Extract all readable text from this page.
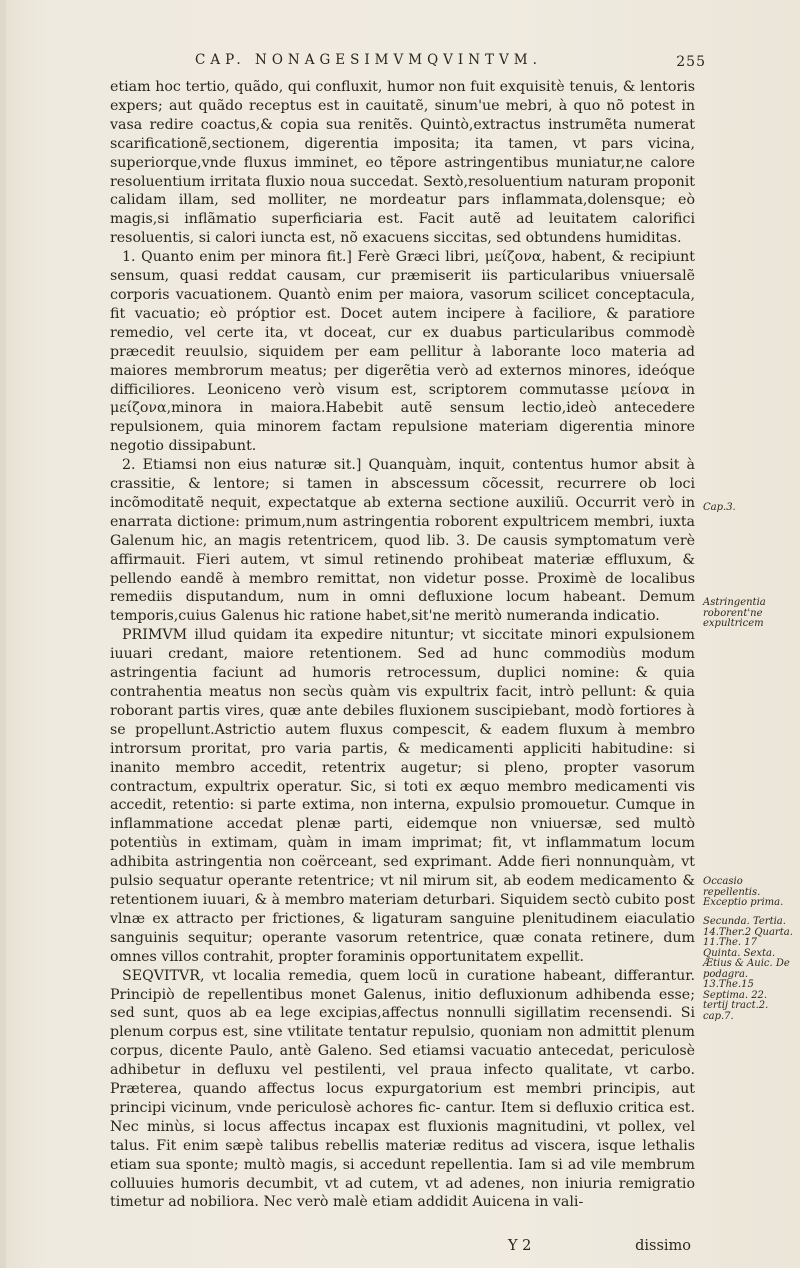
CAP. NONAGESIMVMQVINTVM.	255

etiam hoc tertio, quãdo, qui confluxit, humor non fuit exquisitè tenuis, & lentoris expers; aut quãdo receptus est in cauitatẽ, sinum'ue mebri, à quo nõ potest in vasa redire coactus,& copia sua renitẽs. Quintò,extractus instrumẽta numerat scarificationẽ,sectionem, digerentia imposita; ita tamen, vt pars vicina, superiorque,vnde fluxus imminet, eo tẽpore astringentibus muniatur,ne calore resoluentium irritata fluxio noua succedat. Sextò,resoluentium naturam proponit calidam illam, sed molliter, ne mordeatur pars inflammata,dolensque; eò magis,si inflãmatio superficiaria est. Facit autẽ ad leuitatem calorifici resoluentis, si calori iuncta est, nõ exacuens siccitas, sed obtundens humiditas.

1. Quanto enim per minora fit.] Ferè Græci libri, μείζονα, habent, & recipiunt sensum, quasi reddat causam, cur præmiserit iis particularibus vniuersalẽ corporis vacuationem. Quantò enim per maiora, vasorum scilicet conceptacula, fit vacuatio; eò próptior est. Docet autem incipere à faciliore, & paratiore remedio, vel certe ita, vt doceat, cur ex duabus particularibus commodè præcedit reuulsio, siquidem per eam pellitur à laborante loco materia ad maiores membrorum meatus; per digerẽtia verò ad externos minores, ideóque difficiliores. Leoniceno verò visum est, scriptorem commutasse μείονα in μείζονα,minora in maiora.Habebit autẽ sensum lectio,ideò antecedere repulsionem, quia minorem factam repulsione materiam digerentia minore negotio dissipabunt.

2. Etiamsi non eius naturæ sit.] Quanquàm, inquit, contentus humor absit à crassitie, & lentore; si tamen in abscessum cõcessit, recurrere ob loci incõmoditatẽ nequit, expectatque ab externa sectione auxiliũ. Occurrit verò in enarrata dictione: primum,num astringentia roborent expultricem membri, iuxta Galenum hic, an magis retentricem, quod lib. 3. De causis symptomatum verè affirmauit. Fieri autem, vt simul retinendo prohibeat materiæ effluxum, & pellendo eandẽ à membro remittat, non videtur posse. Proximè de localibus remediis disputandum, num in omni defluxione locum habeant. Demum temporis,cuius Galenus hic ratione habet,sit'ne meritò numeranda indicatio.

PRIMVM illud quidam ita expedire nituntur; vt siccitate minori expulsionem iuuari credant, maiore retentionem. Sed ad hunc commodiùs modum astringentia faciunt ad humoris retrocessum, duplici nomine: & quia contrahentia meatus non secùs quàm vis expultrix facit, intrò pellunt: & quia roborant partis vires, quæ ante debiles fluxionem suscipiebant, modò fortiores à se propellunt.Astrictio autem fluxus compescit, & eadem fluxum à membro introrsum proritat, pro varia partis, & medicamenti appliciti habitudine: si inanito membro accedit, retentrix augetur; si pleno, propter vasorum contractum, expultrix operatur. Sic, si toti ex æquo membro medicamenti vis accedit, retentio: si parte extima, non interna, expulsio promouetur. Cumque in inflammatione accedat plenæ parti, eidemque non vniuersæ, sed multò potentiùs in extimam, quàm in imam imprimat; fit, vt inflammatum locum adhibita astringentia non coërceant, sed exprimant. Adde fieri nonnunquàm, vt pulsio sequatur operante retentrice; vt nil mirum sit, ab eodem medicamento & retentionem iuuari, & à membro materiam deturbari. Siquidem sectò cubito post vlnæ ex attracto per frictiones, & ligaturam sanguine plenitudinem eiaculatio sanguinis sequitur; operante vasorum retentrice, quæ conata retinere, dum omnes villos contrahit, propter foraminis opportunitatem expellit.

SEQVITVR, vt localia remedia, quem locũ in curatione habeant, differantur. Principiò de repellentibus monet Galenus, initio defluxionum adhibenda esse; sed sunt, quos ab ea lege excipias,affectus nonnulli sigillatim recensendi. Si plenum corpus est, sine vtilitate tentatur repulsio, quoniam non admittit plenum corpus, dicente Paulo, antè Galeno. Sed etiamsi vacuatio antecedat, periculosè adhibetur in defluxu vel pestilenti, vel praua infecto qualitate, vt carbo. Præterea, quando affectus locus expurgatorium est membri principis, aut principi vicinum, vnde periculosè achores fic- cantur. Item si defluxio critica est. Nec minùs, si locus affectus incapax est fluxionis magnitudini, vt pollex, vel talus. Fit enim sæpè talibus rebellis materiæ reditus ad viscera, isque lethalis etiam sua sponte; multò magis, si accedunt repellentia. Iam si ad vile membrum colluuies humoris decumbit, vt ad cutem, vt ad adenes, non iniuria remigratio timetur ad nobiliora. Nec verò malè etiam addidit Auicena in vali-

Cap.3.
Astringentia roborent'ne expultricem
Occasio repellentis. Exceptio prima.
Secunda. Tertia. 14.Ther.2 Quarta. 11.The. 17 Quinta. Sexta. Ætius & Auic. De podagra. 13.The.15 Septima. 22. tertij tract.2. cap.7.
Y 2	dissimo
